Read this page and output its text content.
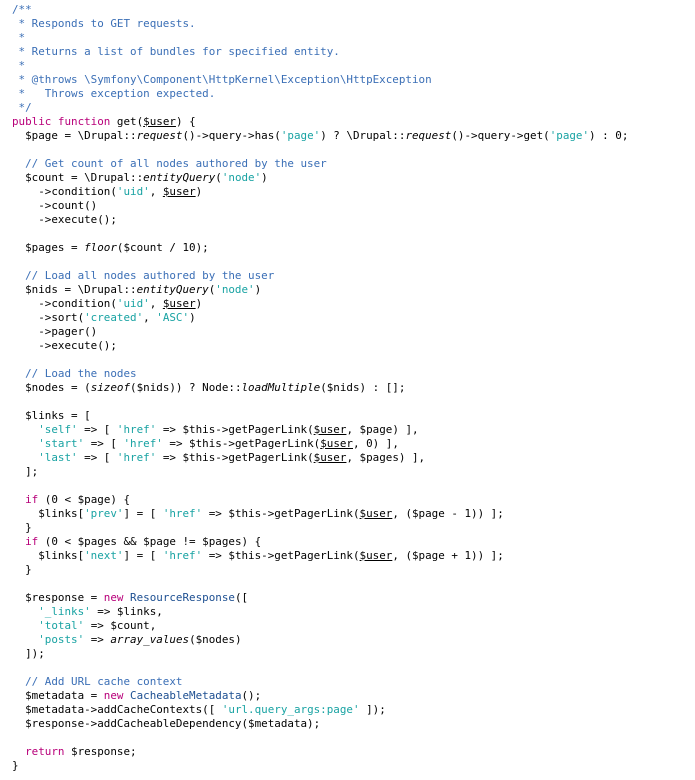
/**
* Responds to GET requests.
*
* Returns a list of bundles for specified entity.
*
* @throws \Symfony\Component\HttpKernel\Exception\HttpException
*   Throws exception expected.
*/
public function get($user) {
$page = \Drupal::request()->query->has('page') ? \Drupal::request()->query->get('page') : 0;
// Get count of all nodes authored by the user
$count = \Drupal::entityQuery('node')
->condition('uid', $user)
->count()
->execute();
$pages = floor($count / 10);
// Load all nodes authored by the user
$nids = \Drupal::entityQuery('node')
->condition('uid', $user)
->sort('created', 'ASC')
->pager()
->execute();
// Load the nodes
$nodes = (sizeof($nids)) ? Node::loadMultiple($nids) : [];
$links = [
'self' => [ 'href' => $this->getPagerLink($user, $page) ],
'start' => [ 'href' => $this->getPagerLink($user, 0) ],
'last' => [ 'href' => $this->getPagerLink($user, $pages) ],
];
if (0 < $page) {
$links['prev'] = [ 'href' => $this->getPagerLink($user, ($page - 1)) ];
}
if (0 < $pages && $page != $pages) {
$links['next'] = [ 'href' => $this->getPagerLink($user, ($page + 1)) ];
}
$response = new ResourceResponse([
'_links' => $links,
'total' => $count,
'posts' => array_values($nodes)
]);
// Add URL cache context
$metadata = new CacheableMetadata();
$metadata->addCacheContexts([ 'url.query_args:page' ]);
$response->addCacheableDependency($metadata);
return $response;
}
